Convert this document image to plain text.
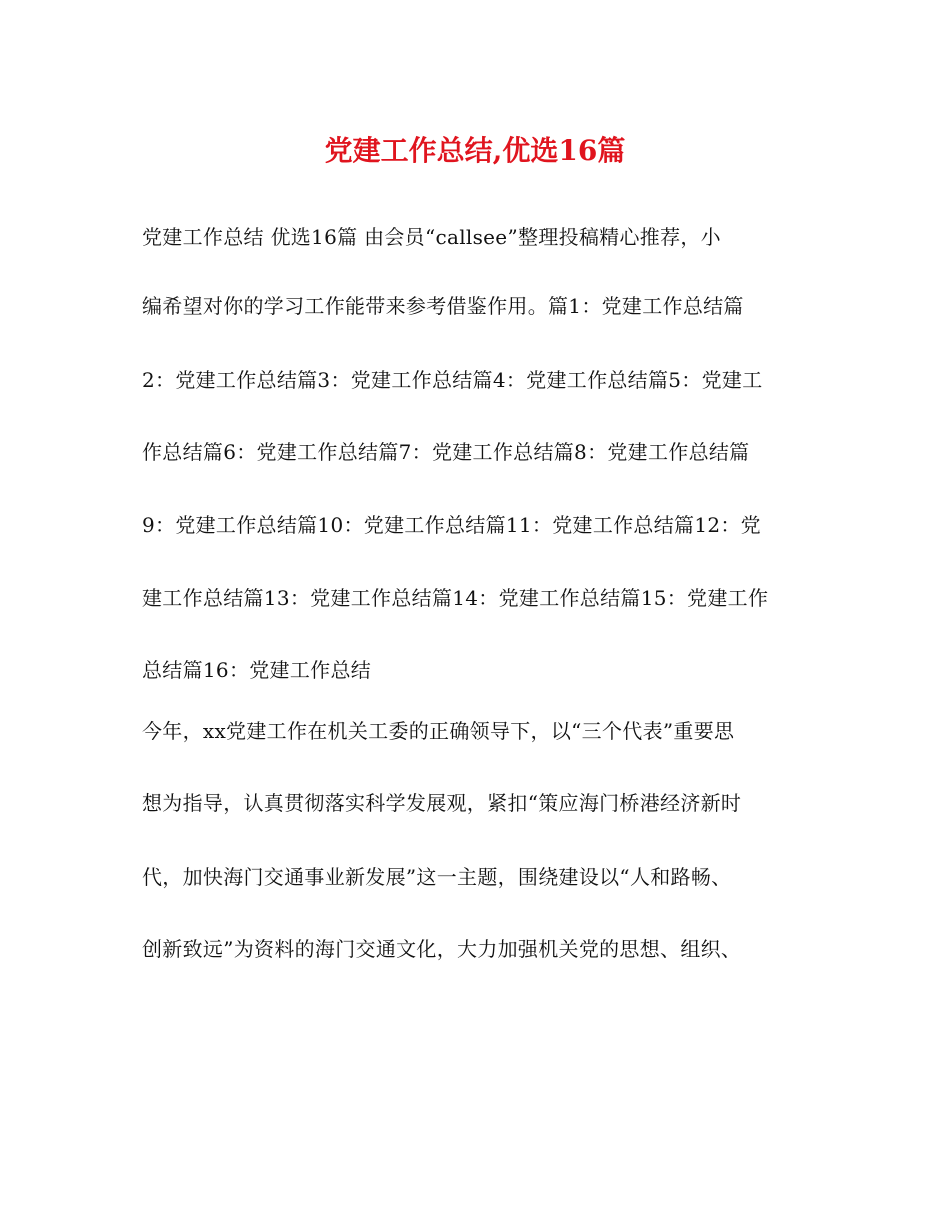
党建工作总结,优选16篇
党建工作总结 优选16篇 由会员“callsee”整理投稿精心推荐，小
编希望对你的学习工作能带来参考借鉴作用。篇1：党建工作总结篇
2：党建工作总结篇3：党建工作总结篇4：党建工作总结篇5：党建工
作总结篇6：党建工作总结篇7：党建工作总结篇8：党建工作总结篇
9：党建工作总结篇10：党建工作总结篇11：党建工作总结篇12：党
建工作总结篇13：党建工作总结篇14：党建工作总结篇15：党建工作
总结篇16：党建工作总结
今年，xx党建工作在机关工委的正确领导下，以“三个代表”重要思
想为指导，认真贯彻落实科学发展观，紧扣“策应海门桥港经济新时
代，加快海门交通事业新发展”这一主题，围绕建设以“人和路畅、
创新致远”为资料的海门交通文化，大力加强机关党的思想、组织、
